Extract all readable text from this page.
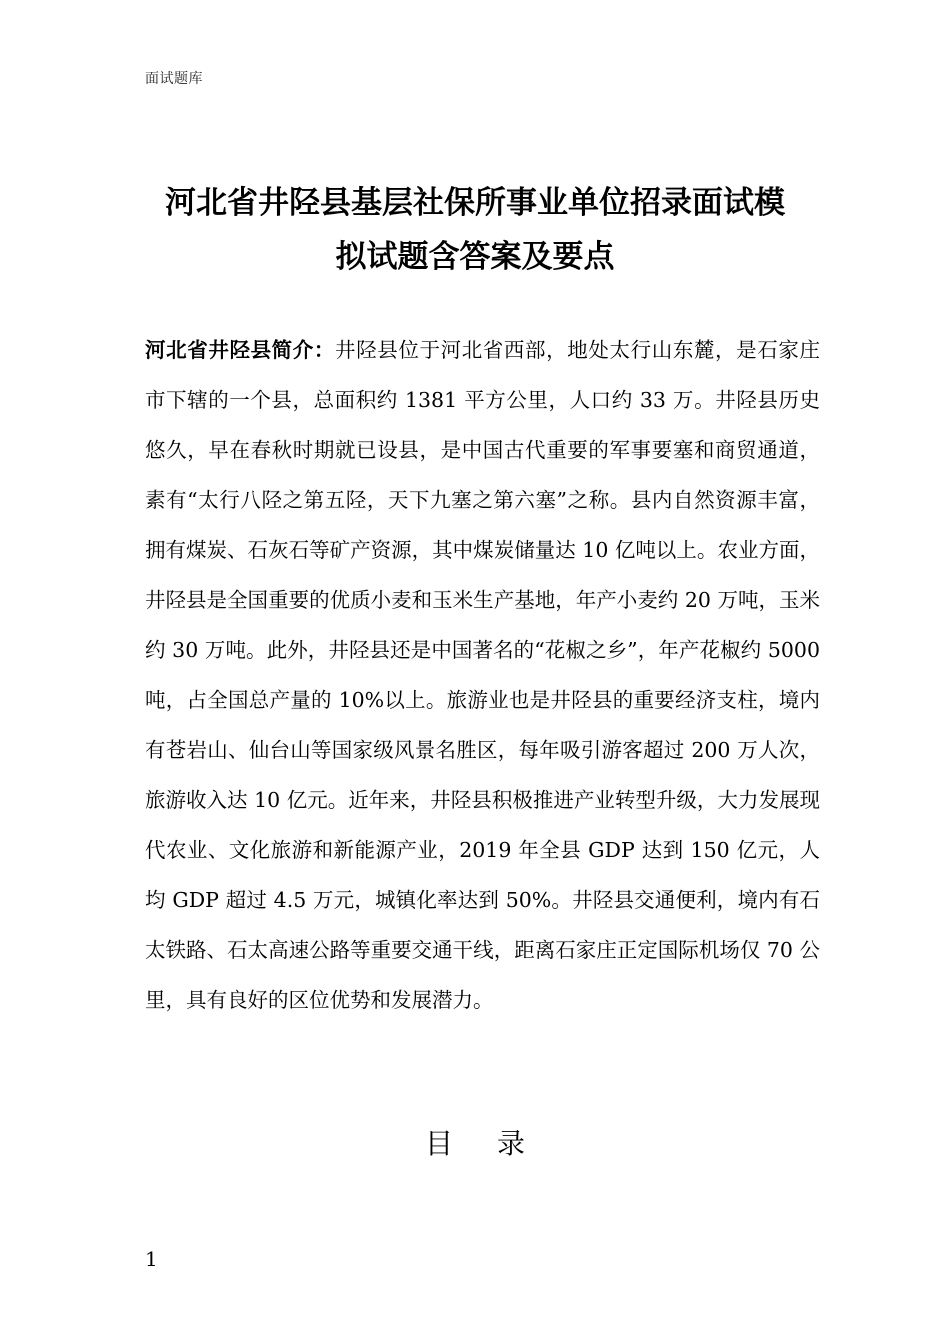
面试题库
河北省井陉县基层社保所事业单位招录面试模
拟试题含答案及要点

河北省井陉县简介：井陉县位于河北省西部，地处太行山东麓，是石家庄市下辖的一个县，总面积约 1381 平方公里，人口约 33 万。井陉县历史悠久，早在春秋时期就已设县，是中国古代重要的军事要塞和商贸通道，素有“太行八陉之第五陉，天下九塞之第六塞”之称。县内自然资源丰富，拥有煤炭、石灰石等矿产资源，其中煤炭储量达 10 亿吨以上。农业方面，井陉县是全国重要的优质小麦和玉米生产基地，年产小麦约 20 万吨，玉米约 30 万吨。此外，井陉县还是中国著名的“花椒之乡”，年产花椒约 5000 吨，占全国总产量的 10%以上。旅游业也是井陉县的重要经济支柱，境内有苍岩山、仙台山等国家级风景名胜区，每年吸引游客超过 200 万人次，旅游收入达 10 亿元。近年来，井陉县积极推进产业转型升级，大力发展现代农业、文化旅游和新能源产业，2019 年全县 GDP 达到 150 亿元，人均 GDP 超过 4.5 万元，城镇化率达到 50%。井陉县交通便利，境内有石太铁路、石太高速公路等重要交通干线，距离石家庄正定国际机场仅 70 公里，具有良好的区位优势和发展潜力。

目录
1
